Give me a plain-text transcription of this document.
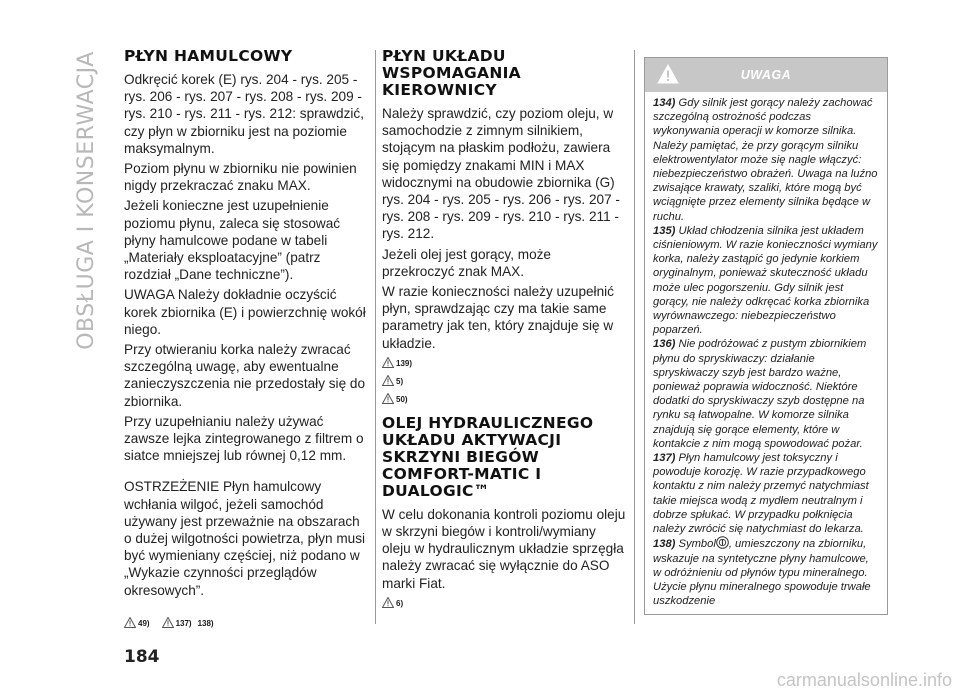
OBSŁUGA I KONSERWACJA PŁYN HAMULCOWY

Odkręcić korek (E) rys. 204 - rys. 205 - rys. 206 - rys. 207 - rys. 208 - rys. 209 - rys. 210 - rys. 211 - rys. 212: sprawdzić, czy płyn w zbiorniku jest na poziomie maksymalnym.

Poziom płynu w zbiorniku nie powinien nigdy przekraczać znaku MAX.

Jeżeli konieczne jest uzupełnienie poziomu płynu, zaleca się stosować płyny hamulcowe podane w tabeli „Materiały eksploatacyjne” (patrz rozdział „Dane techniczne”).

UWAGA Należy dokładnie oczyścić korek zbiornika (E) i powierzchnię wokół niego.

Przy otwieraniu korka należy zwracać szczególną uwagę, aby ewentualne zanieczyszczenia nie przedostały się do zbiornika.

Przy uzupełnianiu należy używać zawsze lejka zintegrowanego z filtrem o siatce mniejszej lub równej 0,12 mm.

OSTRZEŻENIE Płyn hamulcowy wchłania wilgoć, jeżeli samochód używany jest przeważnie na obszarach o dużej wilgotności powietrza, płyn musi być wymieniany częściej, niż podano w „Wykazie czynności przeglądów okresowych”.

49)	137) 138)
PŁYN UKŁADU WSPOMAGANIA KIEROWNICY

Należy sprawdzić, czy poziom oleju, w samochodzie z zimnym silnikiem, stojącym na płaskim podłożu, zawiera się pomiędzy znakami MIN i MAX widocznymi na obudowie zbiornika (G) rys. 204 - rys. 205 - rys. 206 - rys. 207 - rys. 208 - rys. 209 - rys. 210 - rys. 211 - rys. 212.

Jeżeli olej jest gorący, może przekroczyć znak MAX.

W razie konieczności należy uzupełnić płyn, sprawdzając czy ma takie same parametry jak ten, który znajduje się w układzie.

139)

5)

50)
OLEJ HYDRAULICZNEGO UKŁADU AKTYWACJI SKRZYNI BIEGÓW COMFORT-MATIC I DUALOGIC™

W celu dokonania kontroli poziomu oleju w skrzyni biegów i kontroli/wymiany oleju w hydraulicznym układzie sprzęgła należy zwracać się wyłącznie do ASO marki Fiat.

6)
UWAGA

134) Gdy silnik jest gorący należy zachować szczególną ostrożność podczas wykonywania operacji w komorze silnika. Należy pamiętać, że przy gorącym silniku elektrowentylator może się nagle włączyć: niebezpieczeństwo obrażeń. Uwaga na luźno zwisające krawaty, szaliki, które mogą być wciągnięte przez elementy silnika będące w ruchu.

135) Układ chłodzenia silnika jest układem ciśnieniowym. W razie konieczności wymiany korka, należy zastąpić go jedynie korkiem oryginalnym, ponieważ skuteczność układu może ulec pogorszeniu. Gdy silnik jest gorący, nie należy odkręcać korka zbiornika wyrównawczego: niebezpieczeństwo poparzeń.

136) Nie podróżować z pustym zbiornikiem płynu do spryskiwaczy: działanie spryskiwaczy szyb jest bardzo ważne, ponieważ poprawia widoczność. Niektóre dodatki do spryskiwaczy szyb dostępne na rynku są łatwopalne. W komorze silnika znajdują się gorące elementy, które w kontakcie z nim mogą spowodować pożar.

137) Płyn hamulcowy jest toksyczny i powoduje korozję. W razie przypadkowego kontaktu z nim należy przemyć natychmiast takie miejsca wodą z mydłem neutralnym i dobrze spłukać. W przypadku połknięcia należy zwrócić się natychmiast do lekarza.

138) Symbol , umieszczony na zbiorniku, wskazuje na syntetyczne płyny hamulcowe, w odróżnieniu od płynów typu mineralnego. Użycie płynu mineralnego spowoduje trwałe uszkodzenie

184
carmanualsonline.info
